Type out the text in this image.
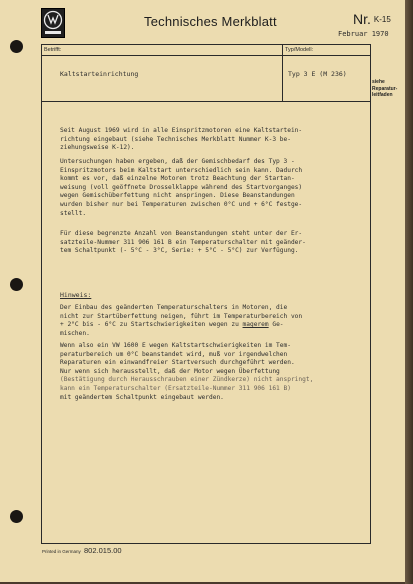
Technisches Merkblatt	Nr. K-15
Februar 1970
Betrifft:	Typ/Modell:
Kaltstarteinrichtung	Typ 3 E (M 236)
siehe
Reparatur-
leitfaden

Seit August 1969 wird in alle Einspritzmotoren eine Kaltstartein-

richtung eingebaut (siehe Technisches Merkblatt Nummer K-3 be-

ziehungsweise K-12).

Untersuchungen haben ergeben, daß der Gemischbedarf des Typ 3 -

Einspritzmotors beim Kaltstart unterschiedlich sein kann. Dadurch

kommt es vor, daß einzelne Motoren trotz Beachtung der Startan-

weisung (voll geöffnete Drosselklappe während des Startvorganges)

wegen Gemischüberfettung nicht anspringen. Diese Beanstandungen

wurden bisher nur bei Temperaturen zwischen 0°C und + 6°C festge-

stellt.

Für diese begrenzte Anzahl von Beanstandungen steht unter der Er-

satzteile-Nummer 311 906 161 B ein Temperaturschalter mit geänder-

tem Schaltpunkt (- 5°C - 3°C, Serie: + 5°C - 5°C) zur Verfügung.

Hinweis:

Der Einbau des geänderten Temperaturschalters in Motoren, die

nicht zur Startüberfettung neigen, führt im Temperaturbereich von

+ 2°C bis - 6°C zu Startschwierigkeiten wegen zu magerem Ge-

mischen.

Wenn also ein VW 1600 E wegen Kaltstartschwierigkeiten im Tem-

peraturbereich um 0°C beanstandet wird, muß vor irgendwelchen

Reparaturen ein einwandfreier Startversuch durchgeführt werden.

Nur wenn sich herausstellt, daß der Motor wegen Überfettung

(Bestätigung durch Herausschrauben einer Zündkerze) nicht anspringt,

kann ein Temperaturschalter (Ersatzteile-Nummer 311 906 161 B)

mit geändertem Schaltpunkt eingebaut werden.

Printed in Germany 802.015.00
